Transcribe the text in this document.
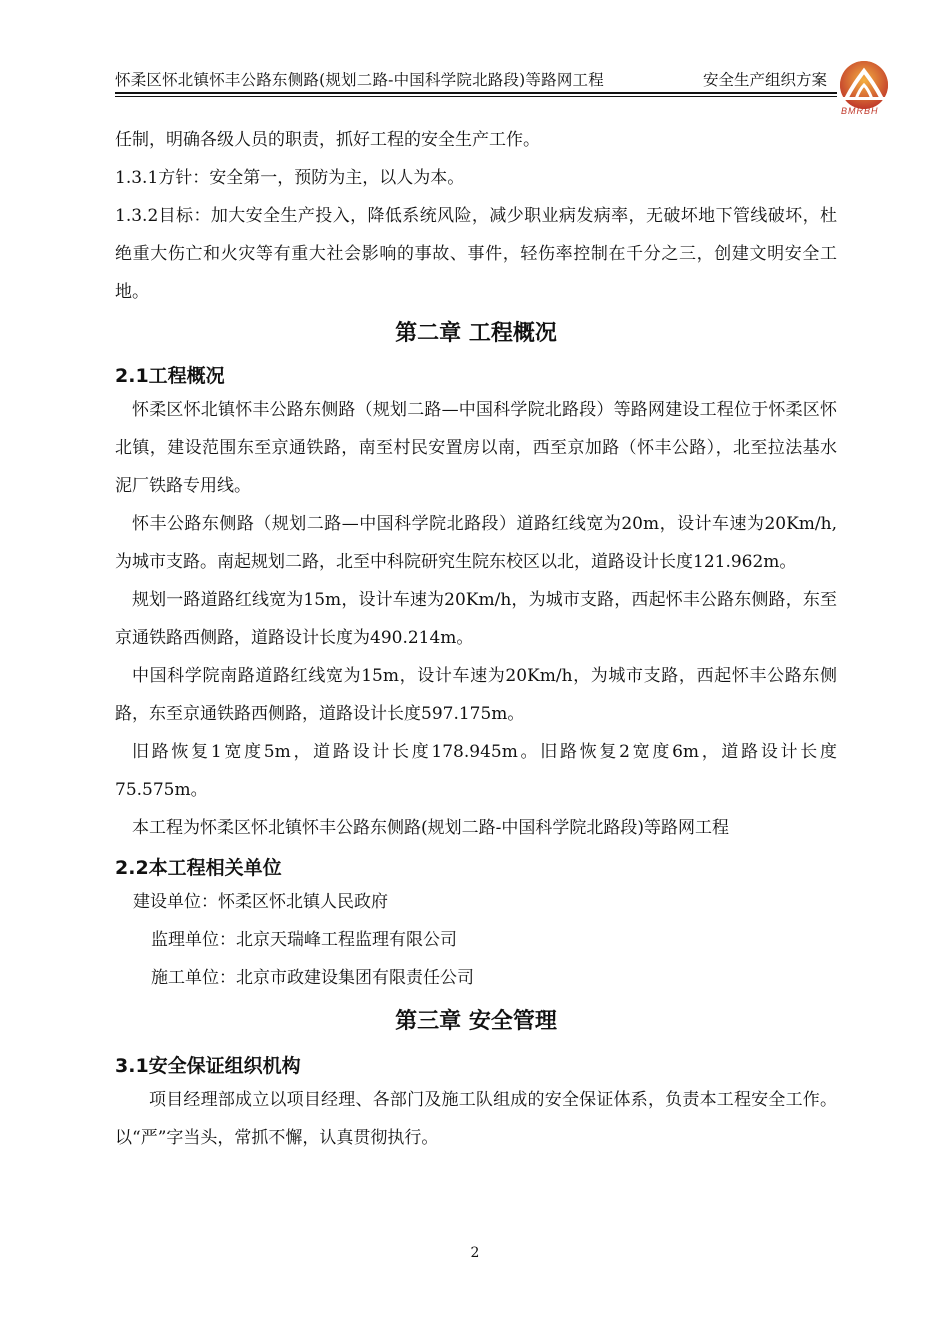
怀柔区怀北镇怀丰公路东侧路(规划二路-中国科学院北路段)等路网工程	安全生产组织方案
BMRBH

任制，明确各级人员的职责，抓好工程的安全生产工作。

1.3.1方针：安全第一，预防为主，以人为本。

1.3.2目标：加大安全生产投入，降低系统风险，减少职业病发病率，无破坏地下管线破坏，杜绝重大伤亡和火灾等有重大社会影响的事故、事件，轻伤率控制在千分之三，创建文明安全工地。

第二章 工程概况
2.1工程概况

怀柔区怀北镇怀丰公路东侧路（规划二路—中国科学院北路段）等路网建设工程位于怀柔区怀北镇，建设范围东至京通铁路，南至村民安置房以南，西至京加路（怀丰公路），北至拉法基水泥厂铁路专用线。

怀丰公路东侧路（规划二路—中国科学院北路段）道路红线宽为20m，设计车速为20Km/h,为城市支路。南起规划二路，北至中科院研究生院东校区以北，道路设计长度121.962m。

规划一路道路红线宽为15m，设计车速为20Km/h，为城市支路，西起怀丰公路东侧路，东至京通铁路西侧路，道路设计长度为490.214m。

中国科学院南路道路红线宽为15m，设计车速为20Km/h，为城市支路，西起怀丰公路东侧路，东至京通铁路西侧路，道路设计长度597.175m。

旧路恢复1宽度5m，道路设计长度178.945m。旧路恢复2宽度6m，道路设计长度75.575m。

本工程为怀柔区怀北镇怀丰公路东侧路(规划二路-中国科学院北路段)等路网工程

2.2本工程相关单位

建设单位：怀柔区怀北镇人民政府

监理单位：北京天瑞峰工程监理有限公司

施工单位：北京市政建设集团有限责任公司

第三章 安全管理
3.1安全保证组织机构

项目经理部成立以项目经理、各部门及施工队组成的安全保证体系，负责本工程安全工作。以“严”字当头，常抓不懈，认真贯彻执行。

2
